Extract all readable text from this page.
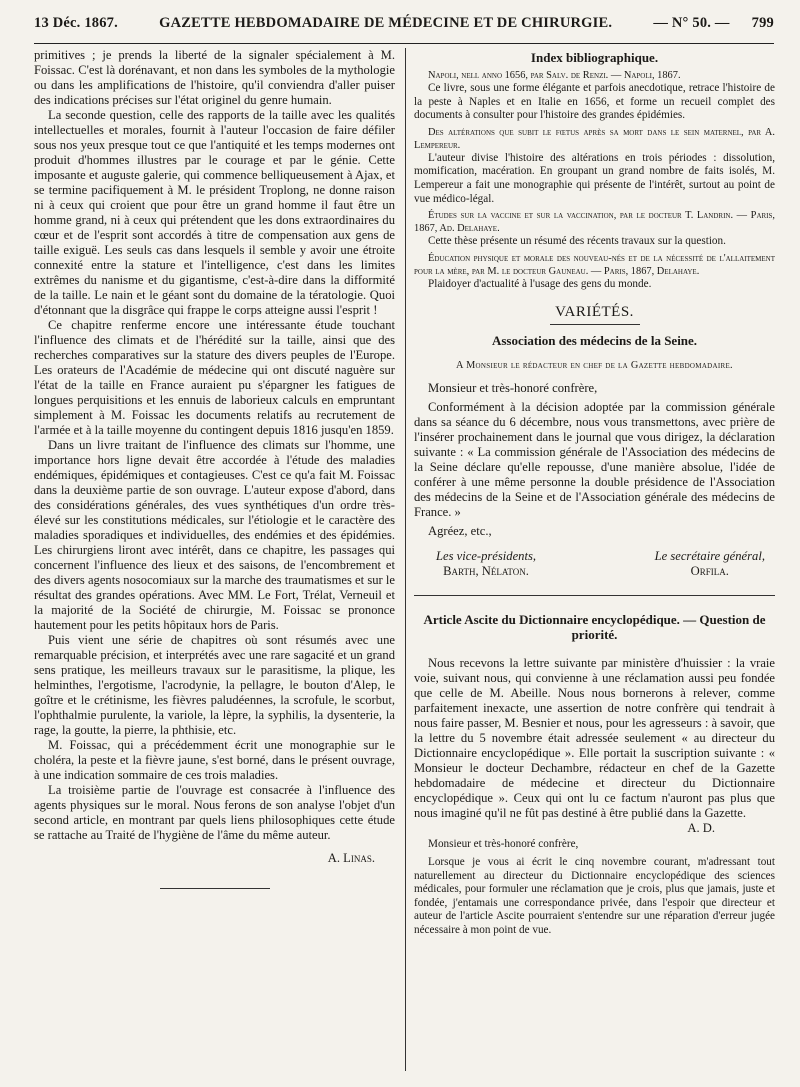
13 Déc. 1867.	GAZETTE HEBDOMADAIRE DE MÉDECINE ET DE CHIRURGIE.	— N° 50. — 799

primitives ; je prends la liberté de la signaler spécialement à M. Foissac. C'est là dorénavant, et non dans les symboles de la mythologie ou dans les amplifications de l'histoire, qu'il conviendra d'aller puiser des indications précises sur l'état originel du genre humain.

La seconde question, celle des rapports de la taille avec les qualités intellectuelles et morales, fournit à l'auteur l'occasion de faire défiler sous nos yeux presque tout ce que l'antiquité et les temps modernes ont produit d'hommes illustres par le courage et par le génie. Cette imposante et auguste galerie, qui commence belliqueusement à Ajax, et se termine pacifiquement à M. le président Troplong, ne donne raison ni à ceux qui croient que pour être un grand homme il faut être un homme grand, ni à ceux qui prétendent que les dons extraordinaires du cœur et de l'esprit sont accordés à titre de compensation aux gens de taille exiguë. Les seuls cas dans lesquels il semble y avoir une étroite connexité entre la stature et l'intelligence, c'est dans les limites extrêmes du nanisme et du gigantisme, c'est-à-dire dans la difformité de la taille. Le nain et le géant sont du domaine de la tératologie. Quoi d'étonnant que la disgrâce qui frappe le corps atteigne aussi l'esprit !

Ce chapitre renferme encore une intéressante étude touchant l'influence des climats et de l'hérédité sur la taille, ainsi que des recherches comparatives sur la stature des divers peuples de l'Europe. Les orateurs de l'Académie de médecine qui ont discuté naguère sur l'état de la taille en France auraient pu s'épargner les fatigues de longues perquisitions et les ennuis de laborieux calculs en empruntant simplement à M. Foissac les documents relatifs au recrutement de l'armée et à la taille moyenne du contingent depuis 1816 jusqu'en 1859.

Dans un livre traitant de l'influence des climats sur l'homme, une importance hors ligne devait être accordée à l'étude des maladies endémiques, épidémiques et contagieuses. C'est ce qu'a fait M. Foissac dans la deuxième partie de son ouvrage. L'auteur expose d'abord, dans des considérations générales, des vues synthétiques d'un ordre très-élevé sur les constitutions médicales, sur l'étiologie et le caractère des maladies sporadiques et individuelles, des endémies et des épidémies. Les chirurgiens liront avec intérêt, dans ce chapitre, les passages qui concernent l'influence des lieux et des saisons, de l'encombrement et des divers agents nosocomiaux sur la marche des traumatismes et sur le résultat des grandes opérations. Avec MM. Le Fort, Trélat, Verneuil et la majorité de la Société de chirurgie, M. Foissac se prononce hautement pour les petits hôpitaux hors de Paris.

Puis vient une série de chapitres où sont résumés avec une remarquable précision, et interprétés avec une rare sagacité et un grand sens pratique, les meilleurs travaux sur le parasitisme, la plique, les helminthes, l'ergotisme, l'acrodynie, la pellagre, le bouton d'Alep, le goître et le crétinisme, les fièvres paludéennes, la scrofule, le scorbut, l'ophthalmie purulente, la variole, la lèpre, la syphilis, la dysenterie, la rage, la goutte, la pierre, la phthisie, etc.

M. Foissac, qui a précédemment écrit une monographie sur le choléra, la peste et la fièvre jaune, s'est borné, dans le présent ouvrage, à une indication sommaire de ces trois maladies.

La troisième partie de l'ouvrage est consacrée à l'influence des agents physiques sur le moral. Nous ferons de son analyse l'objet d'un second article, en montrant par quels liens philosophiques cette étude se rattache au Traité de l'hygiène de l'âme du même auteur.

A. Linas.
Index bibliographique.

Napoli, nell anno 1656, par Salv. de Renzi. — Napoli, 1867.

Ce livre, sous une forme élégante et parfois anecdotique, retrace l'histoire de la peste à Naples et en Italie en 1656, et forme un recueil complet des documents à consulter pour l'histoire des grandes épidémies.

Des altérations que subit le fœtus après sa mort dans le sein maternel, par A. Lempereur.

L'auteur divise l'histoire des altérations en trois périodes : dissolution, momification, macération. En groupant un grand nombre de faits isolés, M. Lempereur a fait une monographie qui présente de l'intérêt, surtout au point de vue médico-légal.

Études sur la vaccine et sur la vaccination, par le docteur T. Landrin. — Paris, 1867, Ad. Delahaye.

Cette thèse présente un résumé des récents travaux sur la question.

Éducation physique et morale des nouveau-nés et de la nécessité de l'allaitement pour la mère, par M. le docteur Gauneau. — Paris, 1867, Delahaye.

Plaidoyer d'actualité à l'usage des gens du monde.

VARIÉTÉS.
Association des médecins de la Seine.
A Monsieur le rédacteur en chef de la Gazette hebdomadaire.

Monsieur et très-honoré confrère,

Conformément à la décision adoptée par la commission générale dans sa séance du 6 décembre, nous vous transmettons, avec prière de l'insérer prochainement dans le journal que vous dirigez, la déclaration suivante : « La commission générale de l'Association des médecins de la Seine déclare qu'elle repousse, d'une manière absolue, l'idée de conférer à une même personne la double présidence de l'Association des médecins de la Seine et de l'Association générale des médecins de France. »

Agréez, etc.,

Les vice-présidents,
Barth, Nélaton.
Le secrétaire général,
Orfila.
Article Ascite du Dictionnaire encyclopédique. — Question de priorité.

Nous recevons la lettre suivante par ministère d'huissier : la vraie voie, suivant nous, qui convienne à une réclamation aussi peu fondée que celle de M. Abeille. Nous nous bornerons à relever, comme parfaitement inexacte, une assertion de notre confrère qui tendrait à nous faire passer, M. Besnier et nous, pour les agresseurs : à savoir, que la lettre du 5 novembre était adressée seulement « au directeur du Dictionnaire encyclopédique ». Elle portait la suscription suivante : « Monsieur le docteur Dechambre, rédacteur en chef de la Gazette hebdomadaire de médecine et directeur du Dictionnaire encyclopédique ». Ceux qui ont lu ce factum n'auront pas plus que nous imaginé qu'il ne fût pas destiné à être publié dans la Gazette.

A. D.

Monsieur et très-honoré confrère,

Lorsque je vous ai écrit le cinq novembre courant, m'adressant tout naturellement au directeur du Dictionnaire encyclopédique des sciences médicales, pour formuler une réclamation que je crois, plus que jamais, juste et fondée, j'entamais une correspondance privée, dans l'espoir que directeur et auteur de l'article Ascite pourraient s'entendre sur une réparation d'erreur jugée nécessaire à mon point de vue.
